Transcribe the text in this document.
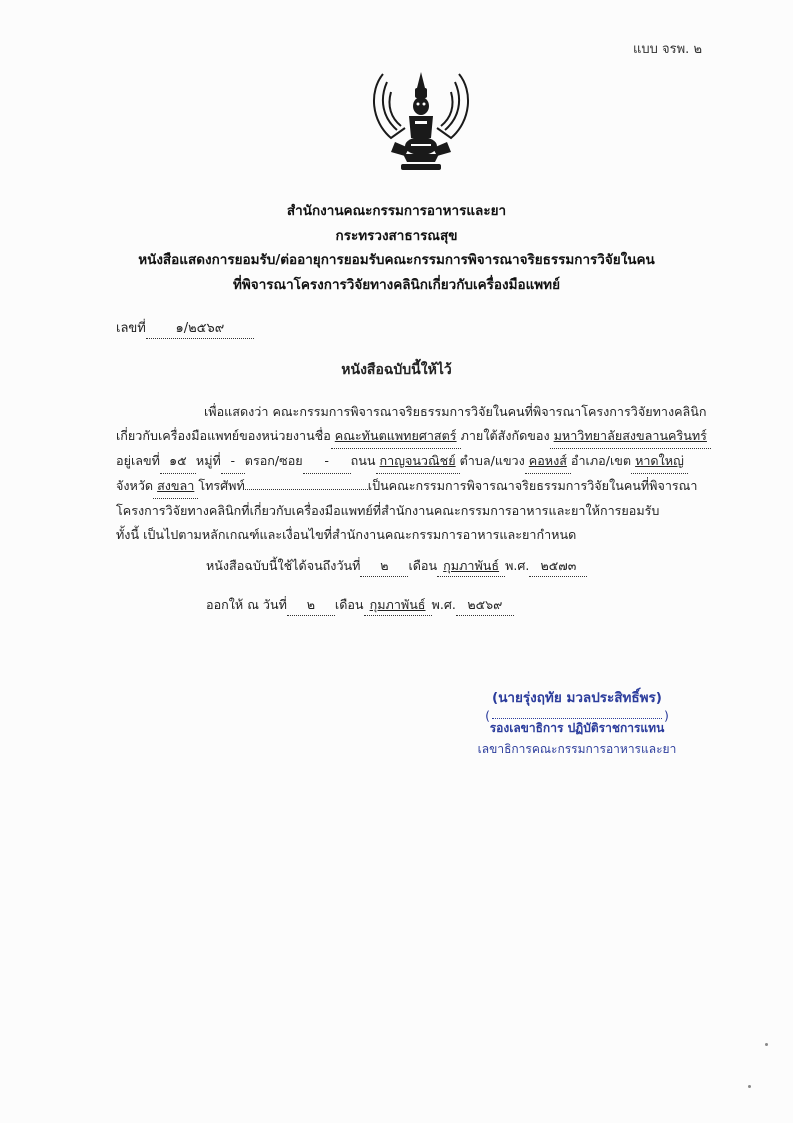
แบบ จรพ. ๒
สำนักงานคณะกรรมการอาหารและยา
กระทรวงสาธารณสุข
หนังสือแสดงการยอมรับ/ต่ออายุการยอมรับคณะกรรมการพิจารณาจริยธรรมการวิจัยในคน
ที่พิจารณาโครงการวิจัยทางคลินิกเกี่ยวกับเครื่องมือแพทย์
เลขที่ ๑/๒๕๖๙
หนังสือฉบับนี้ให้ไว้

เพื่อแสดงว่า คณะกรรมการพิจารณาจริยธรรมการวิจัยในคนที่พิจารณาโครงการวิจัยทางคลินิก

เกี่ยวกับเครื่องมือแพทย์ของหน่วยงานชื่อ คณะทันตแพทยศาสตร์ ภายใต้สังกัดของ มหาวิทยาลัยสงขลานครินทร์

อยู่เลขที่ ๑๕ หมู่ที่ - ตรอก/ซอย - ถนน กาญจนวณิชย์ ตำบล/แขวง คอหงส์ อำเภอ/เขต หาดใหญ่

จังหวัด สงขลา โทรศัพท์	เป็นคณะกรรมการพิจารณาจริยธรรมการวิจัยในคนที่พิจารณา

โครงการวิจัยทางคลินิกที่เกี่ยวกับเครื่องมือแพทย์ที่สำนักงานคณะกรรมการอาหารและยาให้การยอมรับ

ทั้งนี้ เป็นไปตามหลักเกณฑ์และเงื่อนไขที่สำนักงานคณะกรรมการอาหารและยากำหนด

หนังสือฉบับนี้ใช้ได้จนถึงวันที่ ๒ เดือน กุมภาพันธ์ พ.ศ. ๒๕๗๓
ออกให้ ณ วันที่ ๒ เดือน กุมภาพันธ์ พ.ศ. ๒๕๖๙
(นายรุ่งฤทัย มวลประสิทธิ์พร)
(	)
รองเลขาธิการ ปฏิบัติราชการแทน
เลขาธิการคณะกรรมการอาหารและยา
